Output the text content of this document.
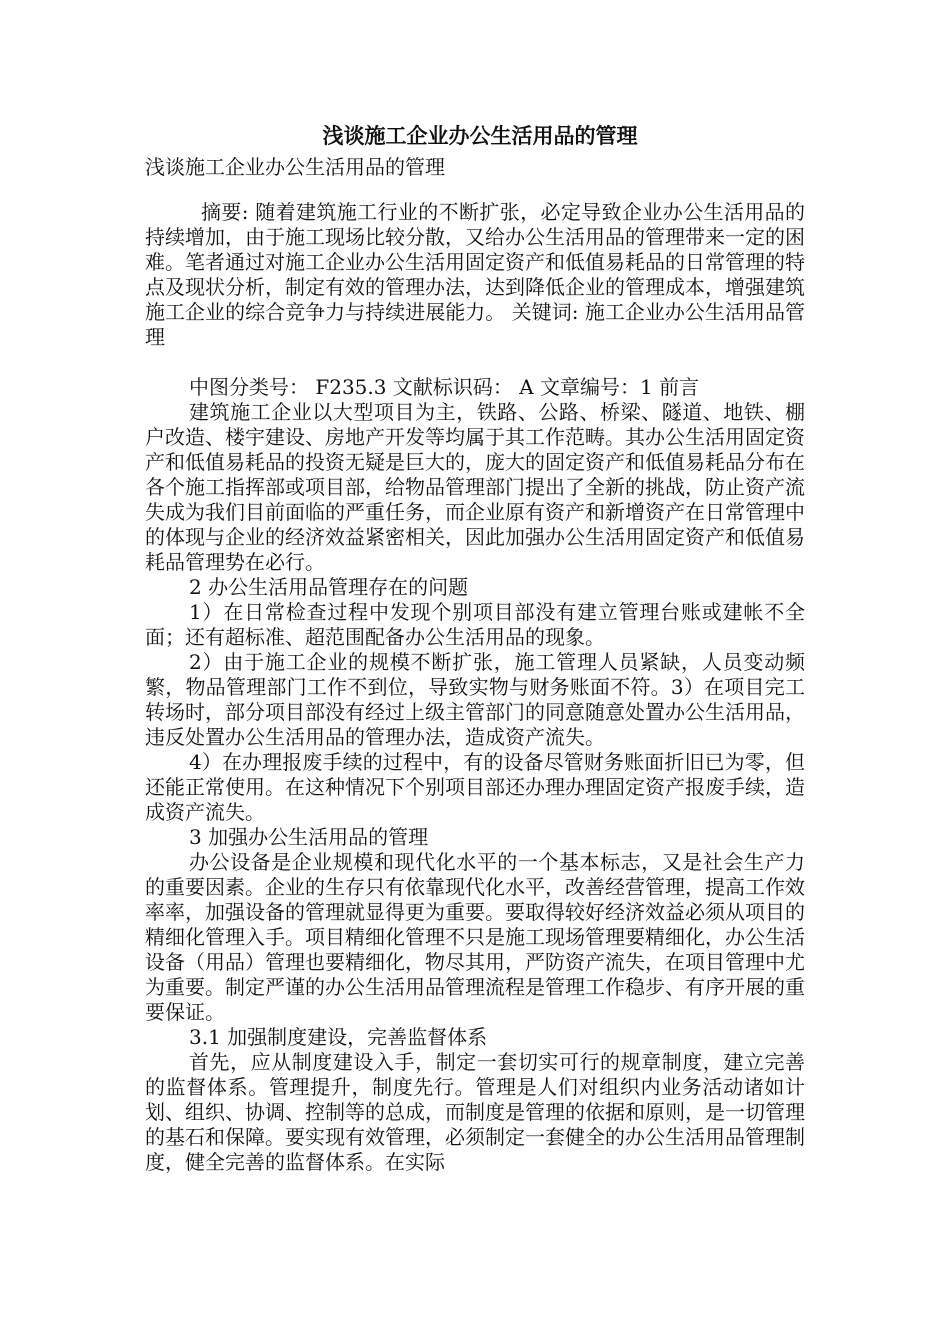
浅谈施工企业办公生活用品的管理
浅谈施工企业办公生活用品的管理

摘要: 随着建筑施工行业的不断扩张，必定导致企业办公生活用品的持续增加，由于施工现场比较分散，又给办公生活用品的管理带来一定的困难。笔者通过对施工企业办公生活用固定资产和低值易耗品的日常管理的特点及现状分析，制定有效的管理办法，达到降低企业的管理成本，增强建筑施工企业的综合竞争力与持续进展能力。 关键词: 施工企业办公生活用品管理

中图分类号： F235.3 文献标识码： A 文章编号：1 前言

建筑施工企业以大型项目为主，铁路、公路、桥梁、隧道、地铁、棚户改造、楼宇建设、房地产开发等均属于其工作范畴。其办公生活用固定资产和低值易耗品的投资无疑是巨大的，庞大的固定资产和低值易耗品分布在各个施工指挥部或项目部，给物品管理部门提出了全新的挑战，防止资产流失成为我们目前面临的严重任务，而企业原有资产和新增资产在日常管理中的体现与企业的经济效益紧密相关，因此加强办公生活用固定资产和低值易耗品管理势在必行。

2 办公生活用品管理存在的问题

1）在日常检查过程中发现个别项目部没有建立管理台账或建帐不全面；还有超标准、超范围配备办公生活用品的现象。

2）由于施工企业的规模不断扩张，施工管理人员紧缺，人员变动频繁，物品管理部门工作不到位，导致实物与财务账面不符。3）在项目完工转场时，部分项目部没有经过上级主管部门的同意随意处置办公生活用品，违反处置办公生活用品的管理办法，造成资产流失。

4）在办理报废手续的过程中，有的设备尽管财务账面折旧已为零，但还能正常使用。在这种情况下个别项目部还办理办理固定资产报废手续，造成资产流失。

3 加强办公生活用品的管理

办公设备是企业规模和现代化水平的一个基本标志，又是社会生产力的重要因素。企业的生存只有依靠现代化水平，改善经营管理，提高工作效率率，加强设备的管理就显得更为重要。要取得较好经济效益必须从项目的精细化管理入手。项目精细化管理不只是施工现场管理要精细化，办公生活设备（用品）管理也要精细化，物尽其用，严防资产流失，在项目管理中尤为重要。制定严谨的办公生活用品管理流程是管理工作稳步、有序开展的重要保证。

3.1 加强制度建设，完善监督体系

首先，应从制度建设入手，制定一套切实可行的规章制度，建立完善的监督体系。管理提升，制度先行。管理是人们对组织内业务活动诸如计划、组织、协调、控制等的总成，而制度是管理的依据和原则，是一切管理的基石和保障。要实现有效管理，必须制定一套健全的办公生活用品管理制度，健全完善的监督体系。在实际
